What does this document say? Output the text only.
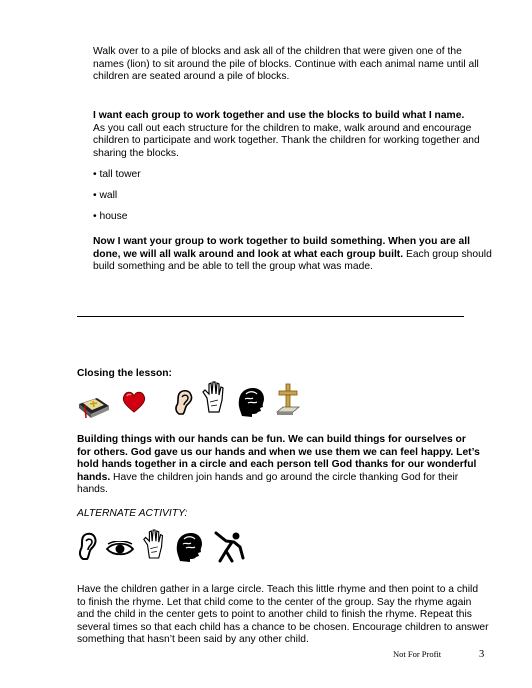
Walk over to a pile of blocks and ask all of the children that were given one of the names (lion) to sit around the pile of blocks. Continue with each animal name until all children are seated around a pile of blocks.

I want each group to work together and use the blocks to build what I name.
As you call out each structure for the children to make, walk around and encourage children to participate and work together. Thank the children for working together and sharing the blocks.

• tall tower
• wall
• house

Now I want your group to work together to build something. When you are all done, we will all walk around and look at what each group built. Each group should build something and be able to tell the group what was made.

Closing the lesson:

Building things with our hands can be fun. We can build things for ourselves or for others. God gave us our hands and when we use them we can feel happy. Let’s hold hands together in a circle and each person tell God thanks for our wonderful hands. Have the children join hands and go around the circle thanking God for their hands.

ALTERNATE ACTIVITY:

Have the children gather in a large circle. Teach this little rhyme and then point to a child to finish the rhyme. Let that child come to the center of the group. Say the rhyme again and the child in the center gets to point to another child to finish the rhyme. Repeat this several times so that each child has a chance to be chosen. Encourage children to answer something that hasn’t been said by any other child.

Not For Profit	3
